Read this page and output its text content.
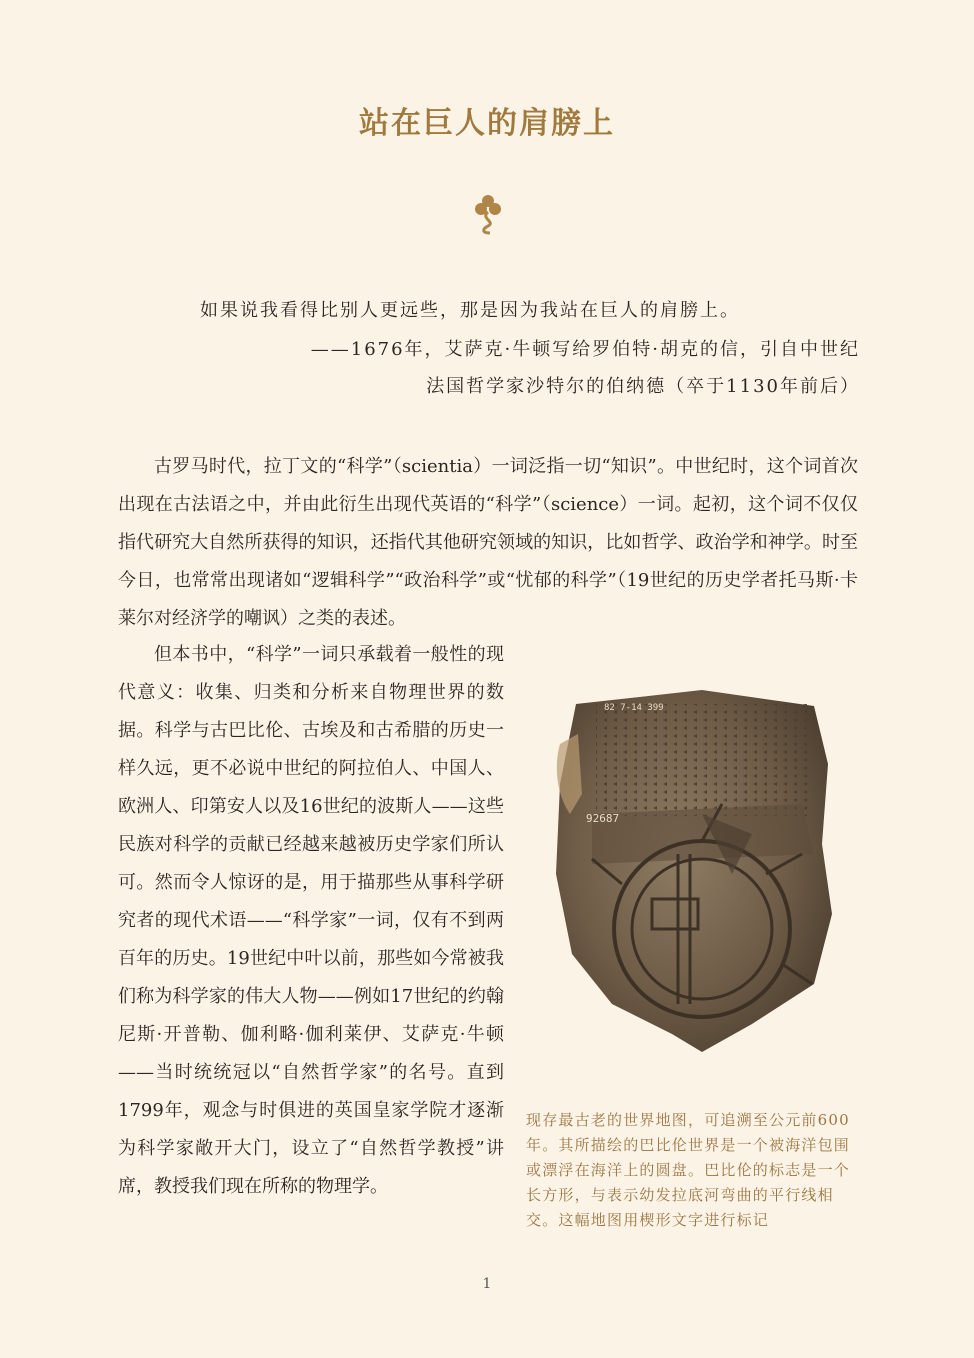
站在巨人的肩膀上
如果说我看得比别人更远些，那是因为我站在巨人的肩膀上。
——1676年，艾萨克·牛顿写给罗伯特·胡克的信，引自中世纪
法国哲学家沙特尔的伯纳德（卒于1130年前后）

古罗马时代，拉丁文的“科学”（scientia）一词泛指一切“知识”。中世纪时，这个词首次出现在古法语之中，并由此衍生出现代英语的“科学”（science）一词。起初，这个词不仅仅指代研究大自然所获得的知识，还指代其他研究领域的知识，比如哲学、政治学和神学。时至今日，也常常出现诸如“逻辑科学”“政治科学”或“忧郁的科学”（19世纪的历史学者托马斯·卡莱尔对经济学的嘲讽）之类的表述。

但本书中，“科学”一词只承载着一般性的现代意义：收集、归类和分析来自物理世界的数据。科学与古巴比伦、古埃及和古希腊的历史一样久远，更不必说中世纪的阿拉伯人、中国人、欧洲人、印第安人以及16世纪的波斯人——这些民族对科学的贡献已经越来越被历史学家们所认可。然而令人惊讶的是，用于描那些从事科学研究者的现代术语——“科学家”一词，仅有不到两百年的历史。19世纪中叶以前，那些如今常被我们称为科学家的伟大人物——例如17世纪的约翰尼斯·开普勒、伽利略·伽利莱伊、艾萨克·牛顿——当时统统冠以“自然哲学家”的名号。直到1799年，观念与时俱进的英国皇家学院才逐渐为科学家敞开大门，设立了“自然哲学教授”讲席，教授我们现在所称的物理学。

82 7-14 399
92687
现存最古老的世界地图，可追溯至公元前600年。其所描绘的巴比伦世界是一个被海洋包围或漂浮在海洋上的圆盘。巴比伦的标志是一个长方形，与表示幼发拉底河弯曲的平行线相交。这幅地图用楔形文字进行标记
1
